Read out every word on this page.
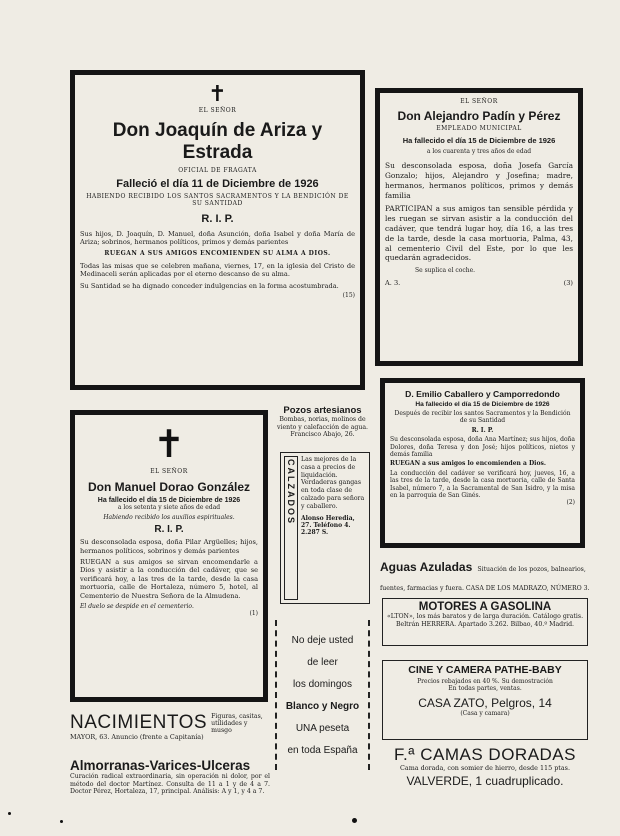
✝
EL SEÑOR
Don Joaquín de Ariza y Estrada
OFICIAL DE FRAGATA
Falleció el día 11 de Diciembre de 1926
HABIENDO RECIBIDO LOS SANTOS SACRAMENTOS Y LA BENDICIÓN DE SU SANTIDAD
R. I. P.
Sus hijos, D. Joaquín, D. Manuel, doña Asunción, doña Isabel y doña María de Ariza; sobrinos, hermanos políticos, primos y demás parientes
RUEGAN A SUS AMIGOS ENCOMIENDEN SU ALMA A DIOS.
Todas las misas que se celebren mañana, viernes, 17, en la iglesia del Cristo de Medinaceli serán aplicadas por el eterno descanso de su alma.
Su Santidad se ha dignado conceder indulgencias en la forma acostumbrada.
(15)
EL SEÑOR
Don Alejandro Padín y Pérez
EMPLEADO MUNICIPAL
Ha fallecido el día 15 de Diciembre de 1926
a los cuarenta y tres años de edad
Su desconsolada esposa, doña Josefa García Gonzalo; hijos, Alejandro y Josefina; madre, hermanos, hermanos políticos, primos y demás familia
PARTICIPAN a sus amigos tan sensible pérdida y les ruegan se sirvan asistir a la conducción del cadáver, que tendrá lugar hoy, día 16, a las tres de la tarde, desde la casa mortuoria, Palma, 43, al cementerio Civil del Este, por lo que les quedarán agradecidos.
Se suplica el coche.
A. 3.	(3)
D. Emilio Caballero y Camporredondo
Ha fallecido el día 15 de Diciembre de 1926
Después de recibir los santos Sacramentos y la Bendición de su Santidad
R. I. P.
Su desconsolada esposa, doña Ana Martínez; sus hijos, doña Dolores, doña Teresa y don José; hijos políticos, nietos y demás familia
RUEGAN a sus amigos lo encomienden a Dios.
La conducción del cadáver se verificará hoy, jueves, 16, a las tres de la tarde, desde la casa mortuoria, calle de Santa Isabel, número 7, a la Sacramental de San Isidro, y la misa en la parroquia de San Ginés.
(2)
✝
EL SEÑOR
Don Manuel Dorao González
Ha fallecido el día 15 de Diciembre de 1926
a los setenta y siete años de edad
Habiendo recibido los auxilios espirituales.
R. I. P.
Su desconsolada esposa, doña Pilar Argüelles; hijos, hermanos políticos, sobrinos y demás parientes
RUEGAN a sus amigos se sirvan encomendarle a Dios y asistir a la conducción del cadáver, que se verificará hoy, a las tres de la tarde, desde la casa mortuoria, calle de Hortaleza, número 5, hotel, al Cementerio de Nuestra Señora de la Almudena.
El duelo se despide en el cementerio.
(1)
Pozos artesianos
Bombas, norias, molinos de viento y calefacción de agua. Francisco Abajo, 26.
CALZADOS Las mejores de la casa a precios de liquidación. Verdaderas gangas en toda clase de calzado para señora y caballero.
Alonso Heredia, 27. Teléfono 4.
2.287 S.
No deje usted
de leer
los domingos
Blanco y Negro
UNA peseta
en toda España
Aguas Azuladas Situación de los pozos, balnearios, fuentes, farmacias y fuera. CASA DE LOS MADRAZO, NÚMERO 3.
MOTORES A GASOLINA
«LTON», los más baratos y de larga duración. Catálogo gratis. Beltrán HERRERA. Apartado 3.262. Bilbao, 40.º Madrid.
CINE Y CAMERA PATHE-BABY
Precios rebajados en 40 %. Su demostración
En todas partes, ventas.
CASA ZATO, Pelgros, 14
(Casa y camara)
NACIMIENTOS Figuras, casitas, utilidades y musgo
MAYOR, 63. Anuncio (frente a Capitanía)
Almorranas-Varices-Ulceras
Curación radical extraordinaria, sin operación ni dolor, por el método del doctor Martínez. Consulta de 11 a 1 y de 4 a 7. Doctor Pérez, Hortaleza, 17, principal. Análisis: A y 1, y 4 a 7.
F.ª CAMAS DORADAS
Cama dorada, con somier de hierro, desde 115 ptas.
VALVERDE, 1 cuadruplicado.
